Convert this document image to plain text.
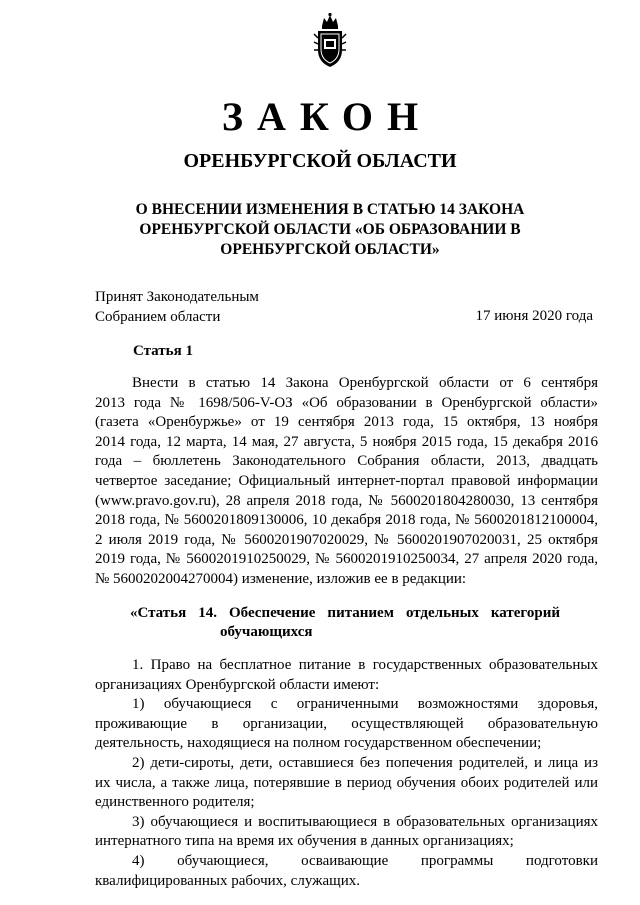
ЗАКОН
ОРЕНБУРГСКОЙ ОБЛАСТИ
О ВНЕСЕНИИ ИЗМЕНЕНИЯ В СТАТЬЮ 14 ЗАКОНА
ОРЕНБУРГСКОЙ ОБЛАСТИ «ОБ ОБРАЗОВАНИИ В
ОРЕНБУРГСКОЙ ОБЛАСТИ»
Принят Законодательным
Собранием области	17 июня 2020 года
Статья 1
Внести в статью 14 Закона Оренбургской области от 6 сентября
2013 года № 1698/506-V-ОЗ «Об образовании в Оренбургской области»
(газета «Оренбуржье» от 19 сентября 2013 года, 15 октября, 13 ноября
2014 года, 12 марта, 14 мая, 27 августа, 5 ноября 2015 года, 15 декабря 2016
года – бюллетень Законодательного Собрания области, 2013, двадцать
четвертое заседание; Официальный интернет-портал правовой информации
(www.pravo.gov.ru), 28 апреля 2018 года, № 5600201804280030, 13 сентября
2018 года, № 5600201809130006, 10 декабря 2018 года, № 5600201812100004,
2 июля 2019 года, № 5600201907020029, № 5600201907020031, 25 октября
2019 года, № 5600201910250029, № 5600201910250034, 27 апреля 2020 года,
№ 5600202004270004) изменение, изложив ее в редакции:
«Статья 14. Обеспечение питанием отдельных категорий
обучающихся
1. Право на бесплатное питание в государственных образовательных
организациях Оренбургской области имеют:
1) обучающиеся с ограниченными возможностями здоровья,
проживающие в организации, осуществляющей образовательную
деятельность, находящиеся на полном государственном обеспечении;
2) дети-сироты, дети, оставшиеся без попечения родителей, и лица из
их числа, а также лица, потерявшие в период обучения обоих родителей или
единственного родителя;
3) обучающиеся и воспитывающиеся в образовательных организациях
интернатного типа на время их обучения в данных организациях;
4) обучающиеся, осваивающие программы подготовки
квалифицированных рабочих, служащих.
